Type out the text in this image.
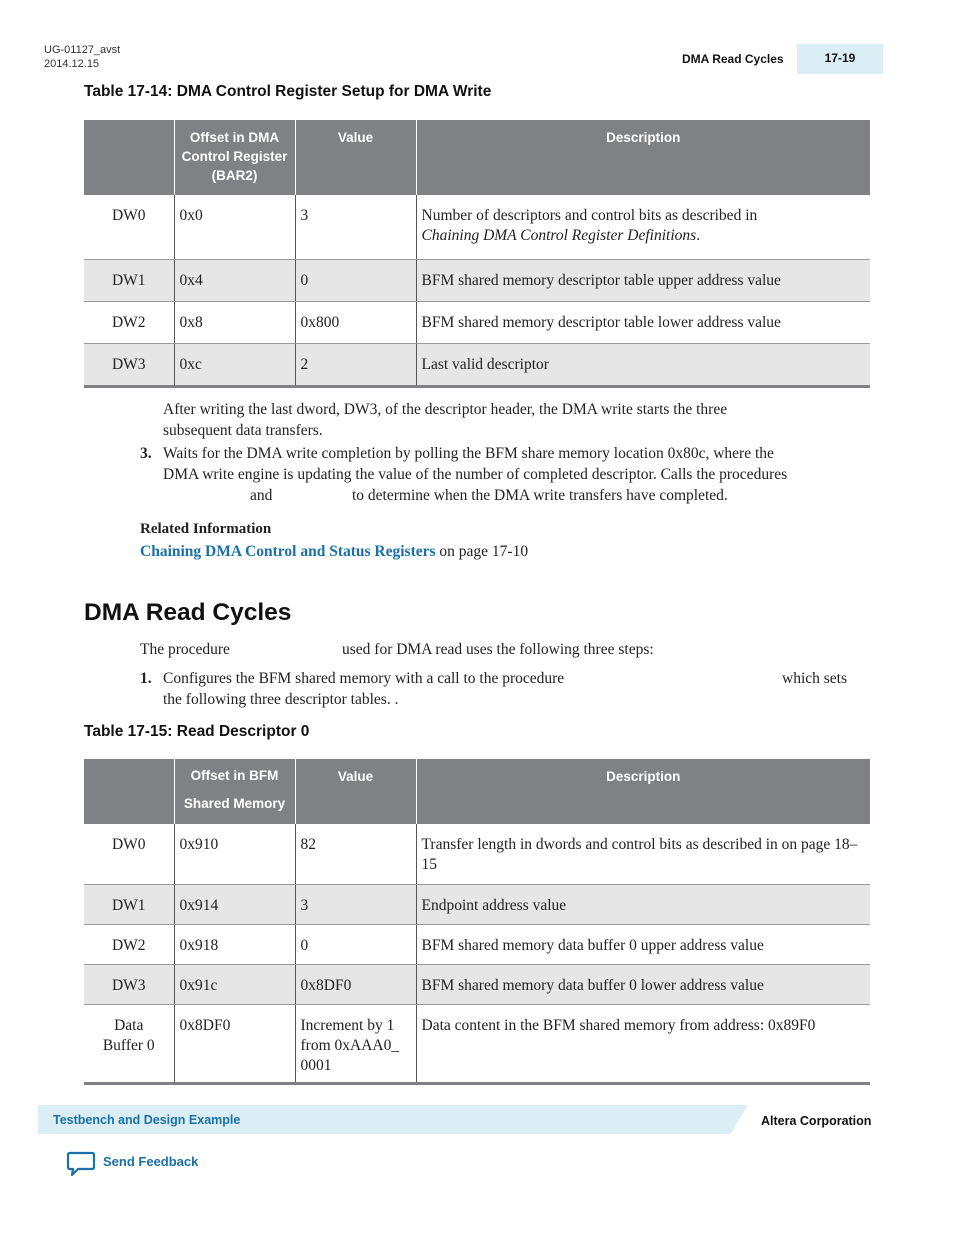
UG-01127_avst
2014.12.15	DMA Read Cycles	17-19
Table 17-14: DMA Control Register Setup for DMA Write
	Offset in DMA Control Register (BAR2)	Value	Description
DW0	0x0	3	Number of descriptors and control bits as described in
Chaining DMA Control Register Definitions.
DW1	0x4	0	BFM shared memory descriptor table upper address value
DW2	0x8	0x800	BFM shared memory descriptor table lower address value
DW3	0xc	2	Last valid descriptor
After writing the last dword, DW3, of the descriptor header, the DMA write starts the three
subsequent data transfers.
3. Waits for the DMA write completion by polling the BFM share memory location 0x80c, where the
DMA write engine is updating the value of the number of completed descriptor. Calls the procedures
and	to determine when the DMA write transfers have completed.
Related Information
Chaining DMA Control and Status Registers on page 17-10
DMA Read Cycles
The procedure	used for DMA read uses the following three steps:
1. Configures the BFM shared memory with a call to the procedure	which sets
the following three descriptor tables. .
Table 17-15: Read Descriptor 0
	Offset in BFM Shared Memory	Value	Description
DW0	0x910	82	Transfer length in dwords and control bits as described in on page 18–15
DW1	0x914	3	Endpoint address value
DW2	0x918	0	BFM shared memory data buffer 0 upper address value
DW3	0x91c	0x8DF0	BFM shared memory data buffer 0 lower address value
Data Buffer 0	0x8DF0	Increment by 1 from 0xAAA0_ 0001	Data content in the BFM shared memory from address: 0x89F0
Testbench and Design Example	Altera Corporation
Send Feedback
